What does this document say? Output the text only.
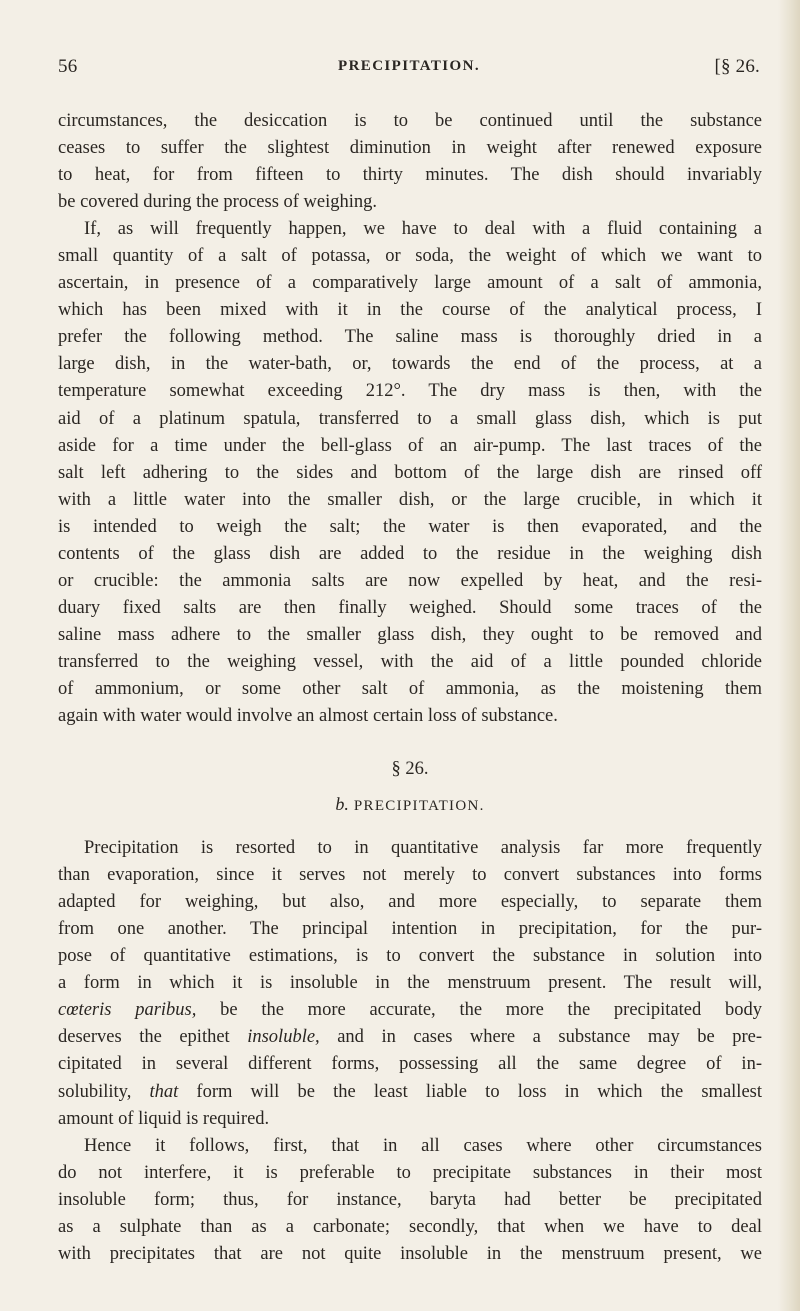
56	PRECIPITATION.	[§ 26.
circumstances, the desiccation is to be continued until the substance
ceases to suffer the slightest diminution in weight after renewed exposure
to heat, for from fifteen to thirty minutes. The dish should invariably
be covered during the process of weighing.
If, as will frequently happen, we have to deal with a fluid containing a
small quantity of a salt of potassa, or soda, the weight of which we want to
ascertain, in presence of a comparatively large amount of a salt of ammonia,
which has been mixed with it in the course of the analytical process, I
prefer the following method. The saline mass is thoroughly dried in a
large dish, in the water-bath, or, towards the end of the process, at a
temperature somewhat exceeding 212°. The dry mass is then, with the
aid of a platinum spatula, transferred to a small glass dish, which is put
aside for a time under the bell-glass of an air-pump. The last traces of the
salt left adhering to the sides and bottom of the large dish are rinsed off
with a little water into the smaller dish, or the large crucible, in which it
is intended to weigh the salt; the water is then evaporated, and the
contents of the glass dish are added to the residue in the weighing dish
or crucible: the ammonia salts are now expelled by heat, and the resi-
duary fixed salts are then finally weighed. Should some traces of the
saline mass adhere to the smaller glass dish, they ought to be removed and
transferred to the weighing vessel, with the aid of a little pounded chloride
of ammonium, or some other salt of ammonia, as the moistening them
again with water would involve an almost certain loss of substance.
§ 26.
b. PRECIPITATION.
Precipitation is resorted to in quantitative analysis far more frequently
than evaporation, since it serves not merely to convert substances into forms
adapted for weighing, but also, and more especially, to separate them
from one another. The principal intention in precipitation, for the pur-
pose of quantitative estimations, is to convert the substance in solution into
a form in which it is insoluble in the menstruum present. The result will,
cœteris paribus, be the more accurate, the more the precipitated body
deserves the epithet insoluble, and in cases where a substance may be pre-
cipitated in several different forms, possessing all the same degree of in-
solubility, that form will be the least liable to loss in which the smallest
amount of liquid is required.
Hence it follows, first, that in all cases where other circumstances
do not interfere, it is preferable to precipitate substances in their most
insoluble form; thus, for instance, baryta had better be precipitated
as a sulphate than as a carbonate; secondly, that when we have to deal
with precipitates that are not quite insoluble in the menstruum present, we
